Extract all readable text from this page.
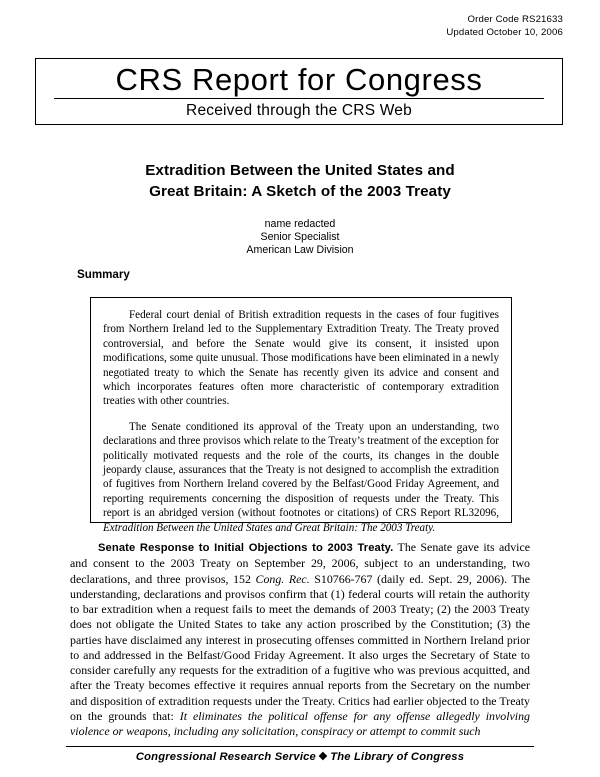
Order Code RS21633
Updated October 10, 2006
CRS Report for Congress
Received through the CRS Web
Extradition Between the United States and
Great Britain: A Sketch of the 2003 Treaty
name redacted
Senior Specialist
American Law Division
Summary

Federal court denial of British extradition requests in the cases of four fugitives from Northern Ireland led to the Supplementary Extradition Treaty. The Treaty proved controversial, and before the Senate would give its consent, it insisted upon modifications, some quite unusual. Those modifications have been eliminated in a newly negotiated treaty to which the Senate has recently given its advice and consent and which incorporates features often more characteristic of contemporary extradition treaties with other countries.

The Senate conditioned its approval of the Treaty upon an understanding, two declarations and three provisos which relate to the Treaty’s treatment of the exception for politically motivated requests and the role of the courts, its changes in the double jeopardy clause, assurances that the Treaty is not designed to accomplish the extradition of fugitives from Northern Ireland covered by the Belfast/Good Friday Agreement, and reporting requirements concerning the disposition of requests under the Treaty. This report is an abridged version (without footnotes or citations) of CRS Report RL32096, Extradition Between the United States and Great Britain: The 2003 Treaty.

Senate Response to Initial Objections to 2003 Treaty. The Senate gave its advice and consent to the 2003 Treaty on September 29, 2006, subject to an understanding, two declarations, and three provisos, 152 Cong. Rec. S10766-767 (daily ed. Sept. 29, 2006). The understanding, declarations and provisos confirm that (1) federal courts will retain the authority to bar extradition when a request fails to meet the demands of 2003 Treaty; (2) the 2003 Treaty does not obligate the United States to take any action proscribed by the Constitution; (3) the parties have disclaimed any interest in prosecuting offenses committed in Northern Ireland prior to and addressed in the Belfast/Good Friday Agreement. It also urges the Secretary of State to consider carefully any requests for the extradition of a fugitive who was previous acquitted, and after the Treaty becomes effective it requires annual reports from the Secretary on the number and disposition of extradition requests under the Treaty. Critics had earlier objected to the Treaty on the grounds that: It eliminates the political offense for any offense allegedly involving violence or weapons, including any solicitation, conspiracy or attempt to commit such

Congressional Research Service ❖ The Library of Congress
